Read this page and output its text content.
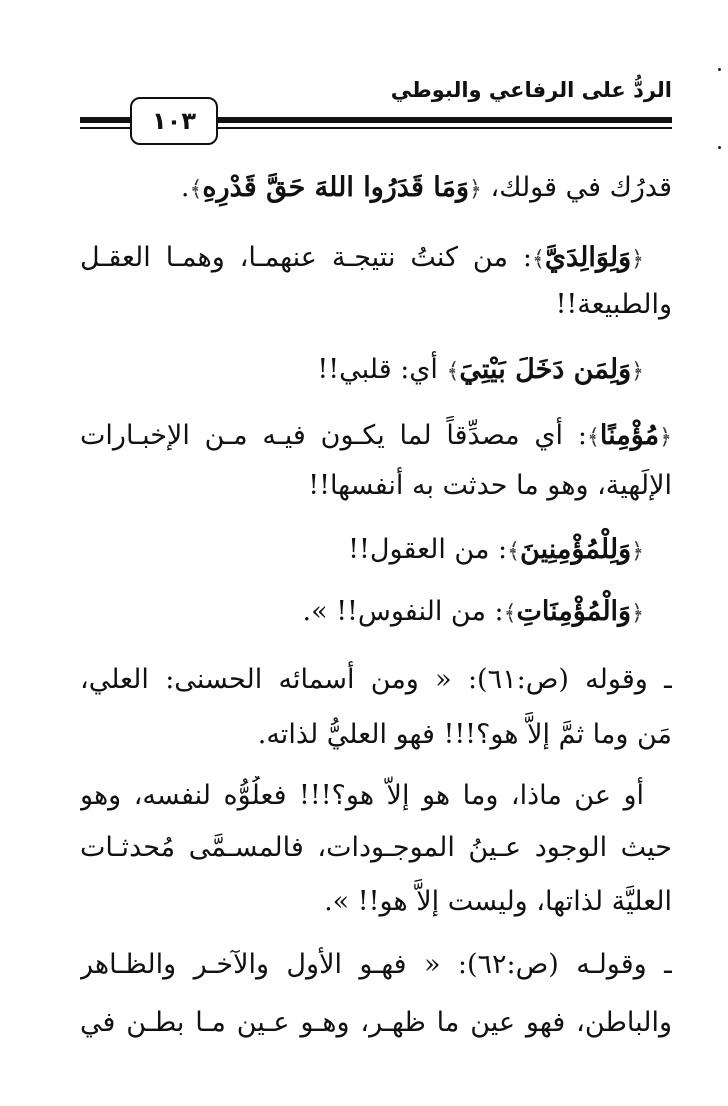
الردُّ على الرفاعي والبوطي
١٠٣
قدرُك في قولك، ﴿وَمَا قَدَرُوا اللهَ حَقَّ قَدْرِهِ﴾.
﴿وَلِوَالِدَيَّ﴾: من كنتُ نتيجـة عنهمـا، وهمـا العقـل
والطبيعة!!
﴿وَلِمَن دَخَلَ بَيْتِيَ﴾ أي: قلبي!!
﴿مُؤْمِنًا﴾: أي مصدِّقاً لما يكـون فيـه مـن الإخبـارات
الإلَهية، وهو ما حدثت به أنفسها!!
﴿وَلِلْمُؤْمِنِينَ﴾: من العقول!!
﴿وَالْمُؤْمِنَاتِ﴾: من النفوس!! ».
ـ وقوله (ص:٦١): « ومن أسمائه الحسنى: العلي،
مَن وما ثمَّ إلاَّ هو؟!!! فهو العليُّ لذاته.
أو عن ماذا، وما هو إلاَّ هو؟!!! فعلُوُّه لنفسه، وهو
حيث الوجود عـينُ الموجـودات، فالمسـمَّى مُحدثـات
العليَّة لذاتها، وليست إلاَّ هو!! ».
ـ وقولـه (ص:٦٢): « فهـو الأول والآخـر والظـاهر
والباطن، فهو عين ما ظهـر، وهـو عـين مـا بطـن في
